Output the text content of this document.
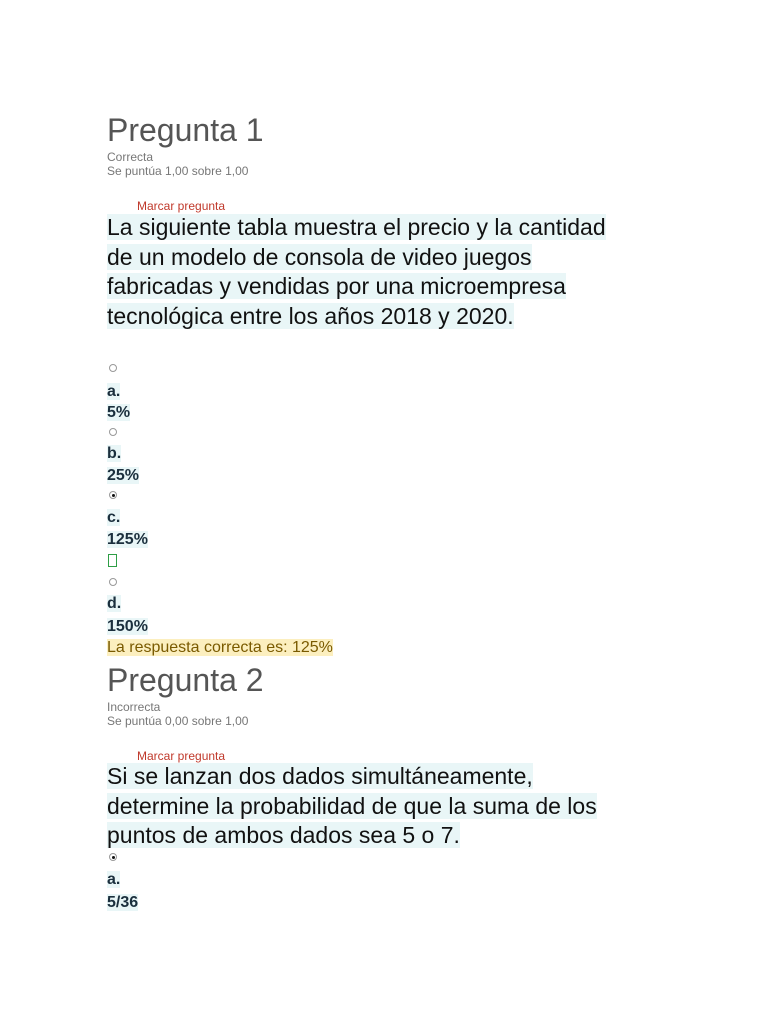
Pregunta 1
Correcta
Se puntúa 1,00 sobre 1,00
Marcar pregunta
La siguiente tabla muestra el precio y la cantidad
de un modelo de consola de video juegos
fabricadas y vendidas por una microempresa
tecnológica entre los años 2018 y 2020.
a.
5%
b.
25%
c.
125%
d.
150%
La respuesta correcta es: 125%
Pregunta 2
Incorrecta
Se puntúa 0,00 sobre 1,00
Marcar pregunta
Si se lanzan dos dados simultáneamente,
determine la probabilidad de que la suma de los
puntos de ambos dados sea 5 o 7.
a.
5/36
